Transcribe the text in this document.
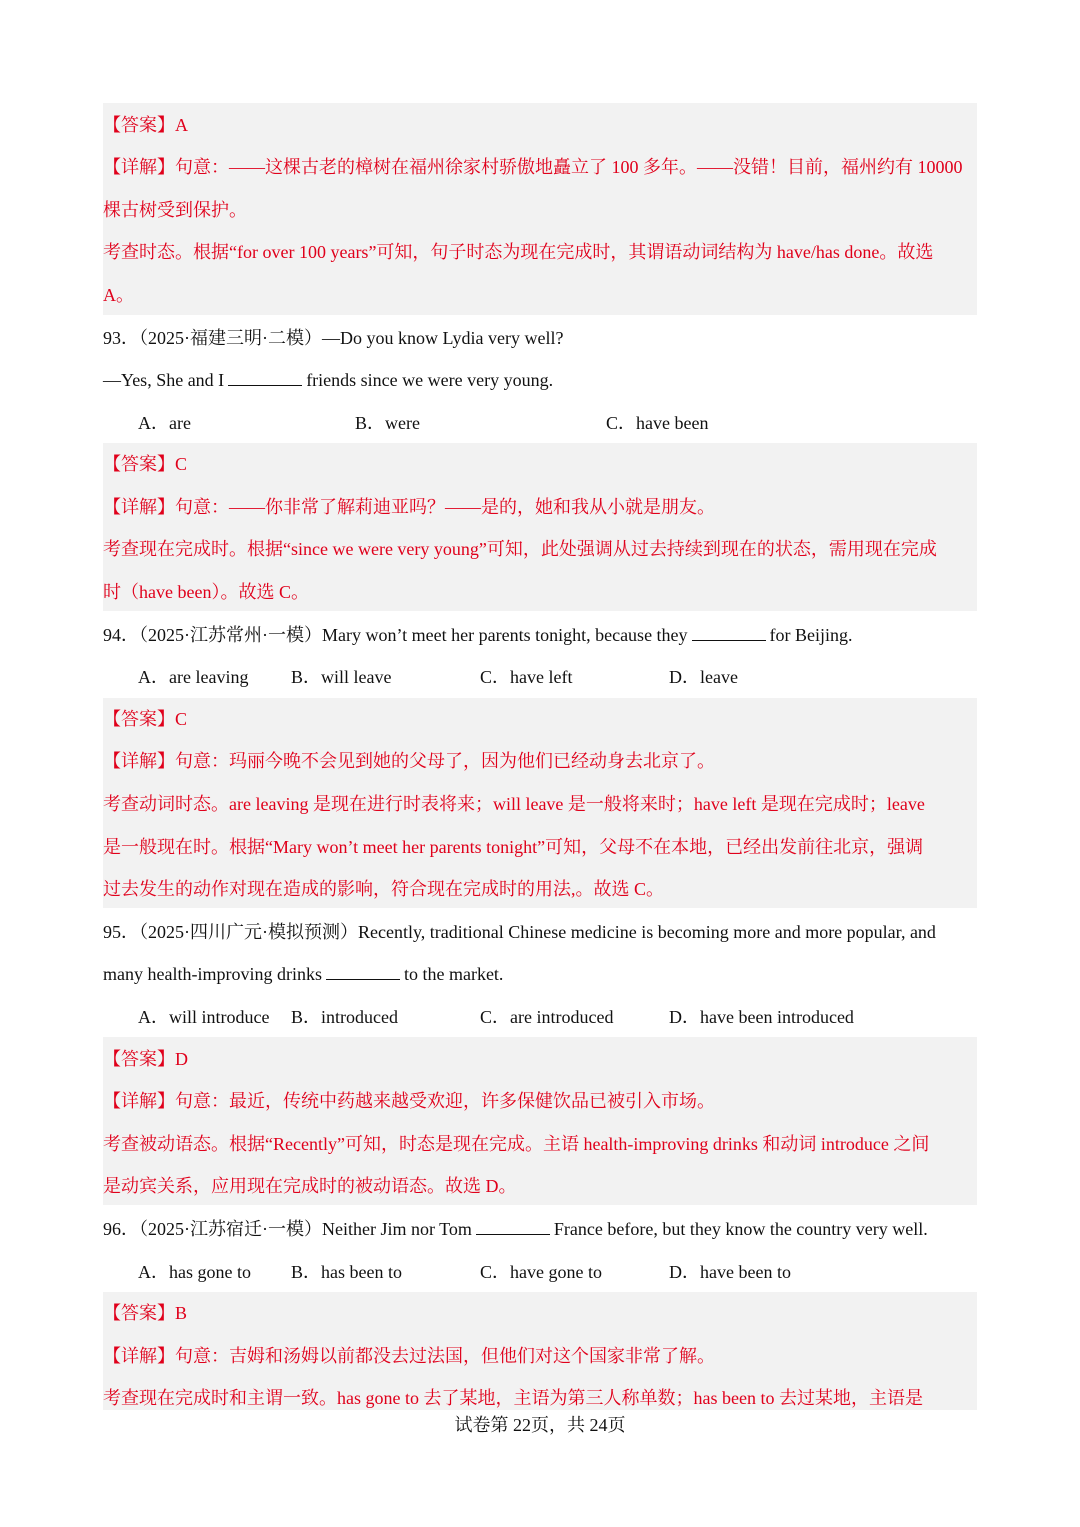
【答案】A
【详解】句意：——这棵古老的樟树在福州徐家村骄傲地矗立了 100 多年。——没错！目前，福州约有 10000
棵古树受到保护。
考查时态。根据“for over 100 years”可知，句子时态为现在完成时，其谓语动词结构为 have/has done。故选
A。
93．（2025·福建三明·二模）—Do you know Lydia very well?
—Yes, She and I	friends since we were very young.
A．are	B．were	C．have been
【答案】C
【详解】句意：——你非常了解莉迪亚吗？——是的，她和我从小就是朋友。
考查现在完成时。根据“since we were very young”可知，此处强调从过去持续到现在的状态，需用现在完成
时（have been）。故选 C。
94．（2025·江苏常州·一模）Mary won’t meet her parents tonight, because they	for Beijing.
A．are leaving B．will leave	C．have left	D．leave
【答案】C
【详解】句意：玛丽今晚不会见到她的父母了，因为他们已经动身去北京了。
考查动词时态。are leaving 是现在进行时表将来；will leave 是一般将来时；have left 是现在完成时；leave
是一般现在时。根据“Mary won’t meet her parents tonight”可知，父母不在本地，已经出发前往北京，强调
过去发生的动作对现在造成的影响，符合现在完成时的用法,。故选 C。
95．（2025·四川广元·模拟预测）Recently, traditional Chinese medicine is becoming more and more popular, and
many health-improving drinks	to the market.
A．will introduce B．introduced	C．are introduced	D．have been introduced
【答案】D
【详解】句意：最近，传统中药越来越受欢迎，许多保健饮品已被引入市场。
考查被动语态。根据“Recently”可知，时态是现在完成。主语 health-improving drinks 和动词 introduce 之间
是动宾关系，应用现在完成时的被动语态。故选 D。
96．（2025·江苏宿迁·一模）Neither Jim nor Tom	France before, but they know the country very well.
A．has gone to B．has been to	C．have gone to	D．have been to
【答案】B
【详解】句意：吉姆和汤姆以前都没去过法国，但他们对这个国家非常了解。
考查现在完成时和主谓一致。has gone to 去了某地，主语为第三人称单数；has been to 去过某地，主语是
试卷第 22页，共 24页
